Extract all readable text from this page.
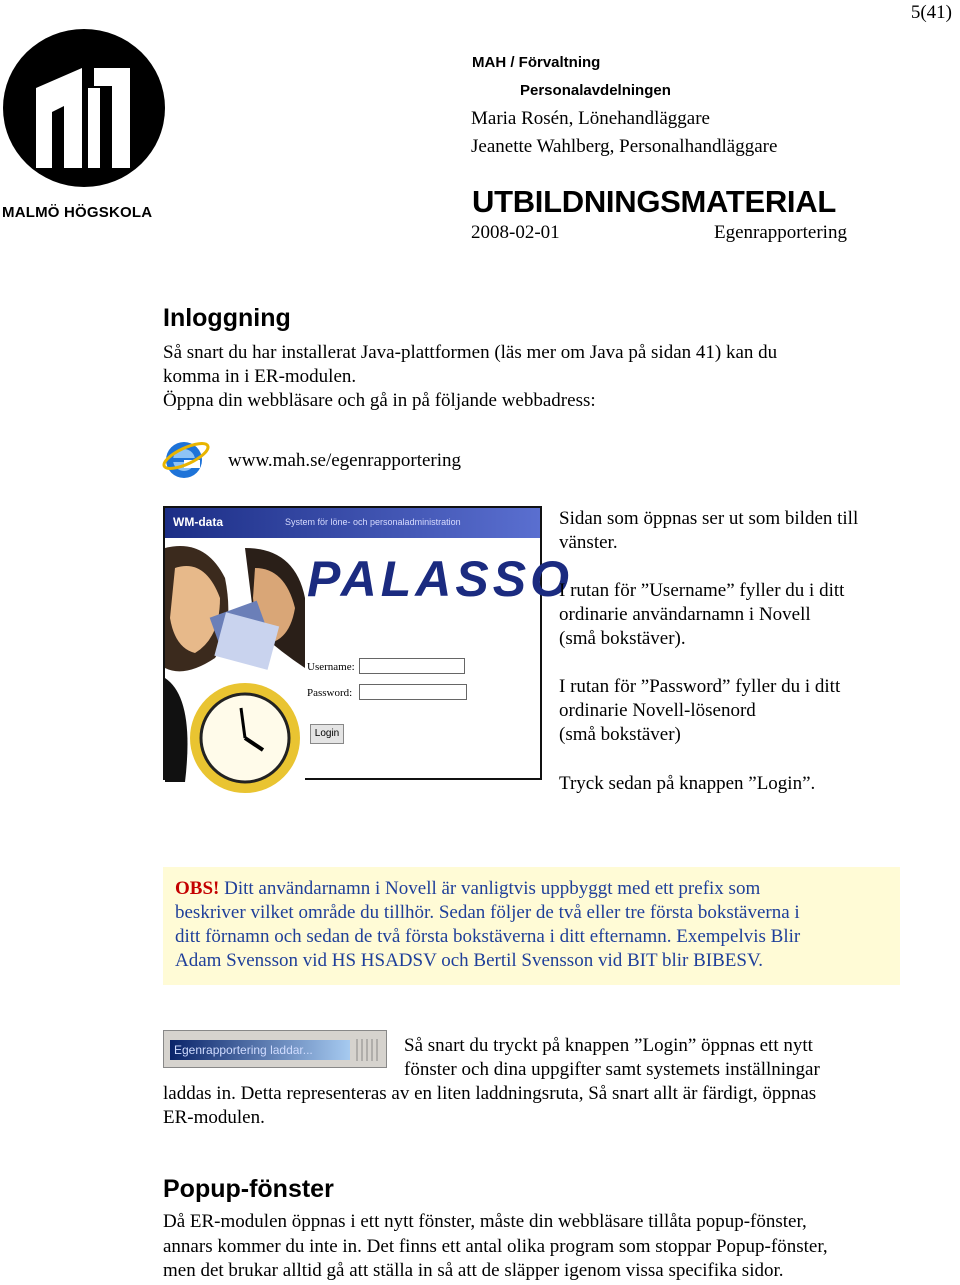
5(41)
MALMÖ HÖGSKOLA
MAH / Förvaltning
Personalavdelningen
Maria Rosén, Lönehandläggare
Jeanette Wahlberg, Personalhandläggare
UTBILDNINGSMATERIAL
2008-02-01	Egenrapportering
Inloggning
Så snart du har installerat Java-plattformen (läs mer om Java på sidan 41) kan du
komma in i ER-modulen.
Öppna din webbläsare och gå in på följande webbadress:
www.mah.se/egenrapportering
WM-data	System för löne- och personaladministration
PALASSO
Username:
Password:
Login
Sidan som öppnas ser ut som bilden till
vänster.
I rutan för ”Username” fyller du i ditt
ordinarie användarnamn i Novell
(små bokstäver).
I rutan för ”Password” fyller du i ditt
ordinarie Novell-lösenord
(små bokstäver)
Tryck sedan på knappen ”Login”.
OBS! Ditt användarnamn i Novell är vanligtvis uppbyggt med ett prefix som
beskriver vilket område du tillhör. Sedan följer de två eller tre första bokstäverna i
ditt förnamn och sedan de två första bokstäverna i ditt efternamn. Exempelvis Blir
Adam Svensson vid HS HSADSV och Bertil Svensson vid BIT blir BIBESV.
Egenrapportering laddar...	Så snart du tryckt på knappen ”Login” öppnas ett nytt
fönster och dina uppgifter samt systemets inställningar
laddas in. Detta representeras av en liten laddningsruta, Så snart allt är färdigt, öppnas
ER-modulen.
Popup-fönster
Då ER-modulen öppnas i ett nytt fönster, måste din webbläsare tillåta popup-fönster,
annars kommer du inte in. Det finns ett antal olika program som stoppar Popup-fönster,
men det brukar alltid gå att ställa in så att de släpper igenom vissa specifika sidor.
